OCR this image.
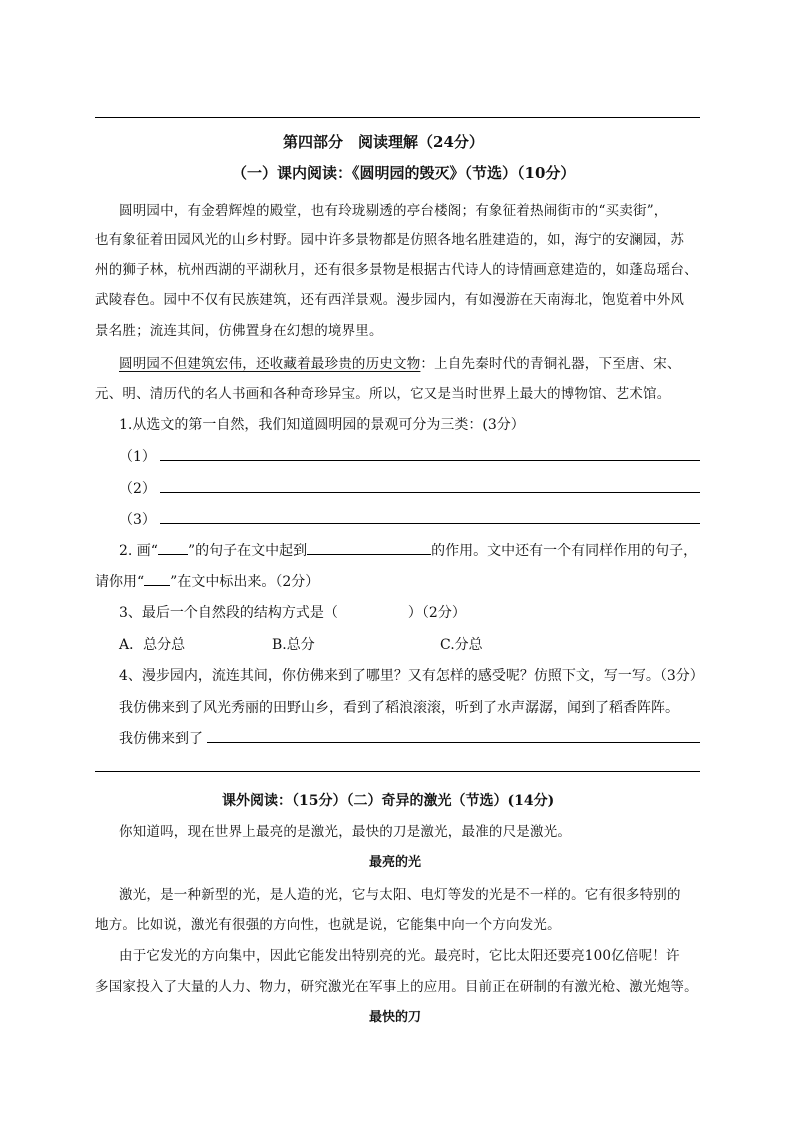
第四部分　阅读理解（24分）
（一）课内阅读：《圆明园的毁灭》（节选）（10分）
圆明园中，有金碧辉煌的殿堂，也有玲珑剔透的亭台楼阁；有象征着热闹街市的“买卖街”，
也有象征着田园风光的山乡村野。园中许多景物都是仿照各地名胜建造的，如，海宁的安澜园，苏
州的狮子林，杭州西湖的平湖秋月，还有很多景物是根据古代诗人的诗情画意建造的，如蓬岛瑶台、
武陵春色。园中不仅有民族建筑，还有西洋景观。漫步园内，有如漫游在天南海北，饱览着中外风
景名胜；流连其间，仿佛置身在幻想的境界里。
圆明园不但建筑宏伟，还收藏着最珍贵的历史文物：上自先秦时代的青铜礼器，下至唐、宋、
元、明、清历代的名人书画和各种奇珍异宝。所以，它又是当时世界上最大的博物馆、艺术馆。
1.从选文的第一自然，我们知道圆明园的景观可分为三类：(3分）
（1）
（2）
（3）
2. 画“ ”的句子在文中起到	的作用。文中还有一个有同样作用的句子，
请你用“ ”在文中标出来。（2分）
3、最后一个自然段的结构方式是（　　　　　）（2分）
A．总分总	B.总分	C.分总
4、漫步园内，流连其间，你仿佛来到了哪里？又有怎样的感受呢？仿照下文，写一写。（3分）
我仿佛来到了风光秀丽的田野山乡，看到了稻浪滚滚，听到了水声潺潺，闻到了稻香阵阵。
我仿佛来到了
课外阅读：（15分）（二）奇异的激光（节选）(14分)
你知道吗，现在世界上最亮的是激光，最快的刀是激光，最准的尺是激光。
最亮的光
激光，是一种新型的光，是人造的光，它与太阳、电灯等发的光是不一样的。它有很多特别的
地方。比如说，激光有很强的方向性，也就是说，它能集中向一个方向发光。
由于它发光的方向集中，因此它能发出特别亮的光。最亮时，它比太阳还要亮100亿倍呢！许
多国家投入了大量的人力、物力，研究激光在军事上的应用。目前正在研制的有激光枪、激光炮等。
最快的刀
